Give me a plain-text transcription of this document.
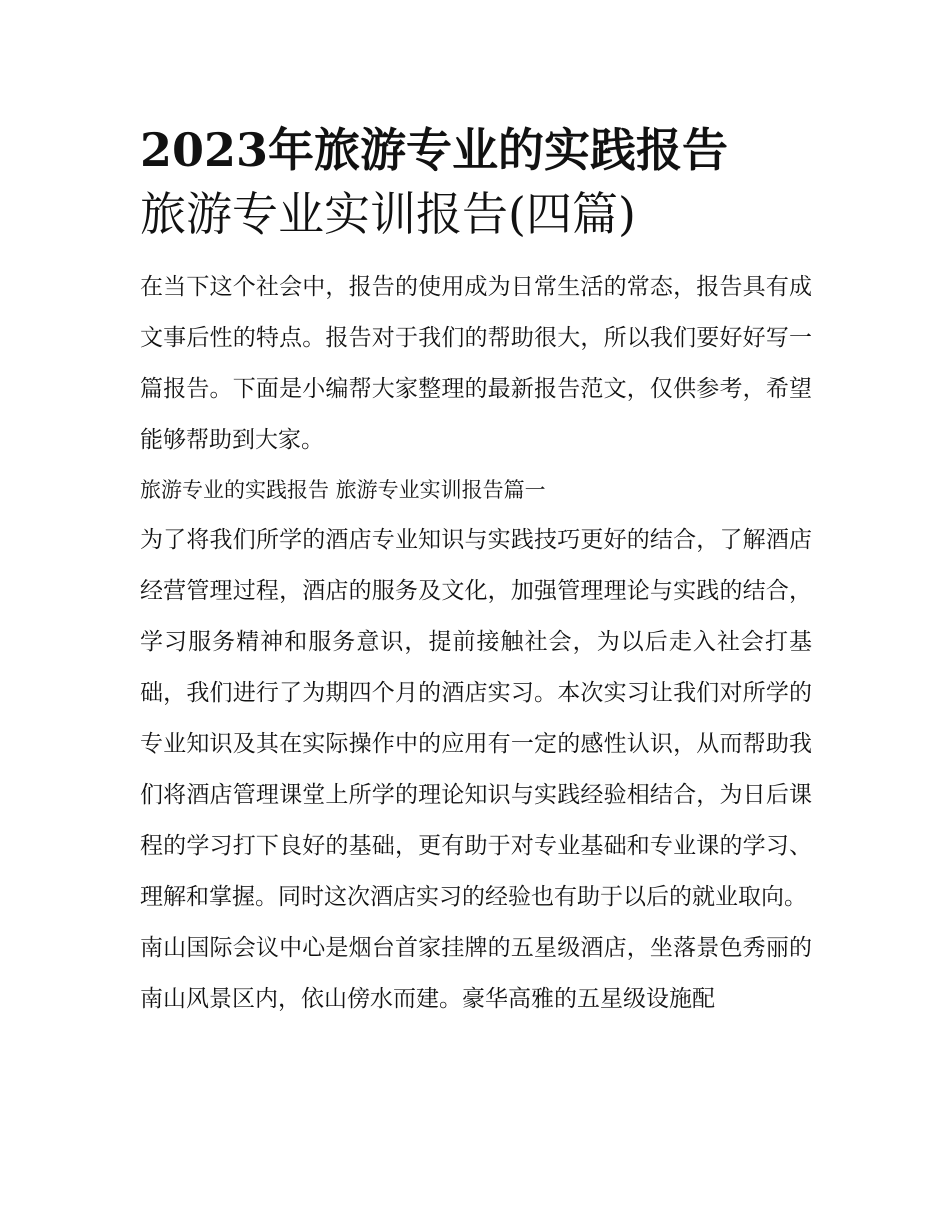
2023年旅游专业的实践报告
旅游专业实训报告(四篇)

在当下这个社会中，报告的使用成为日常生活的常态，报告具有成文事后性的特点。报告对于我们的帮助很大，所以我们要好好写一篇报告。下面是小编帮大家整理的最新报告范文，仅供参考，希望能够帮助到大家。

旅游专业的实践报告 旅游专业实训报告篇一

为了将我们所学的酒店专业知识与实践技巧更好的结合，了解酒店经营管理过程，酒店的服务及文化，加强管理理论与实践的结合，学习服务精神和服务意识，提前接触社会，为以后走入社会打基础，我们进行了为期四个月的酒店实习。本次实习让我们对所学的专业知识及其在实际操作中的应用有一定的感性认识，从而帮助我们将酒店管理课堂上所学的理论知识与实践经验相结合，为日后课程的学习打下良好的基础，更有助于对专业基础和专业课的学习、理解和掌握。同时这次酒店实习的经验也有助于以后的就业取向。

南山国际会议中心是烟台首家挂牌的五星级酒店，坐落景色秀丽的南山风景区内，依山傍水而建。豪华高雅的五星级设施配
